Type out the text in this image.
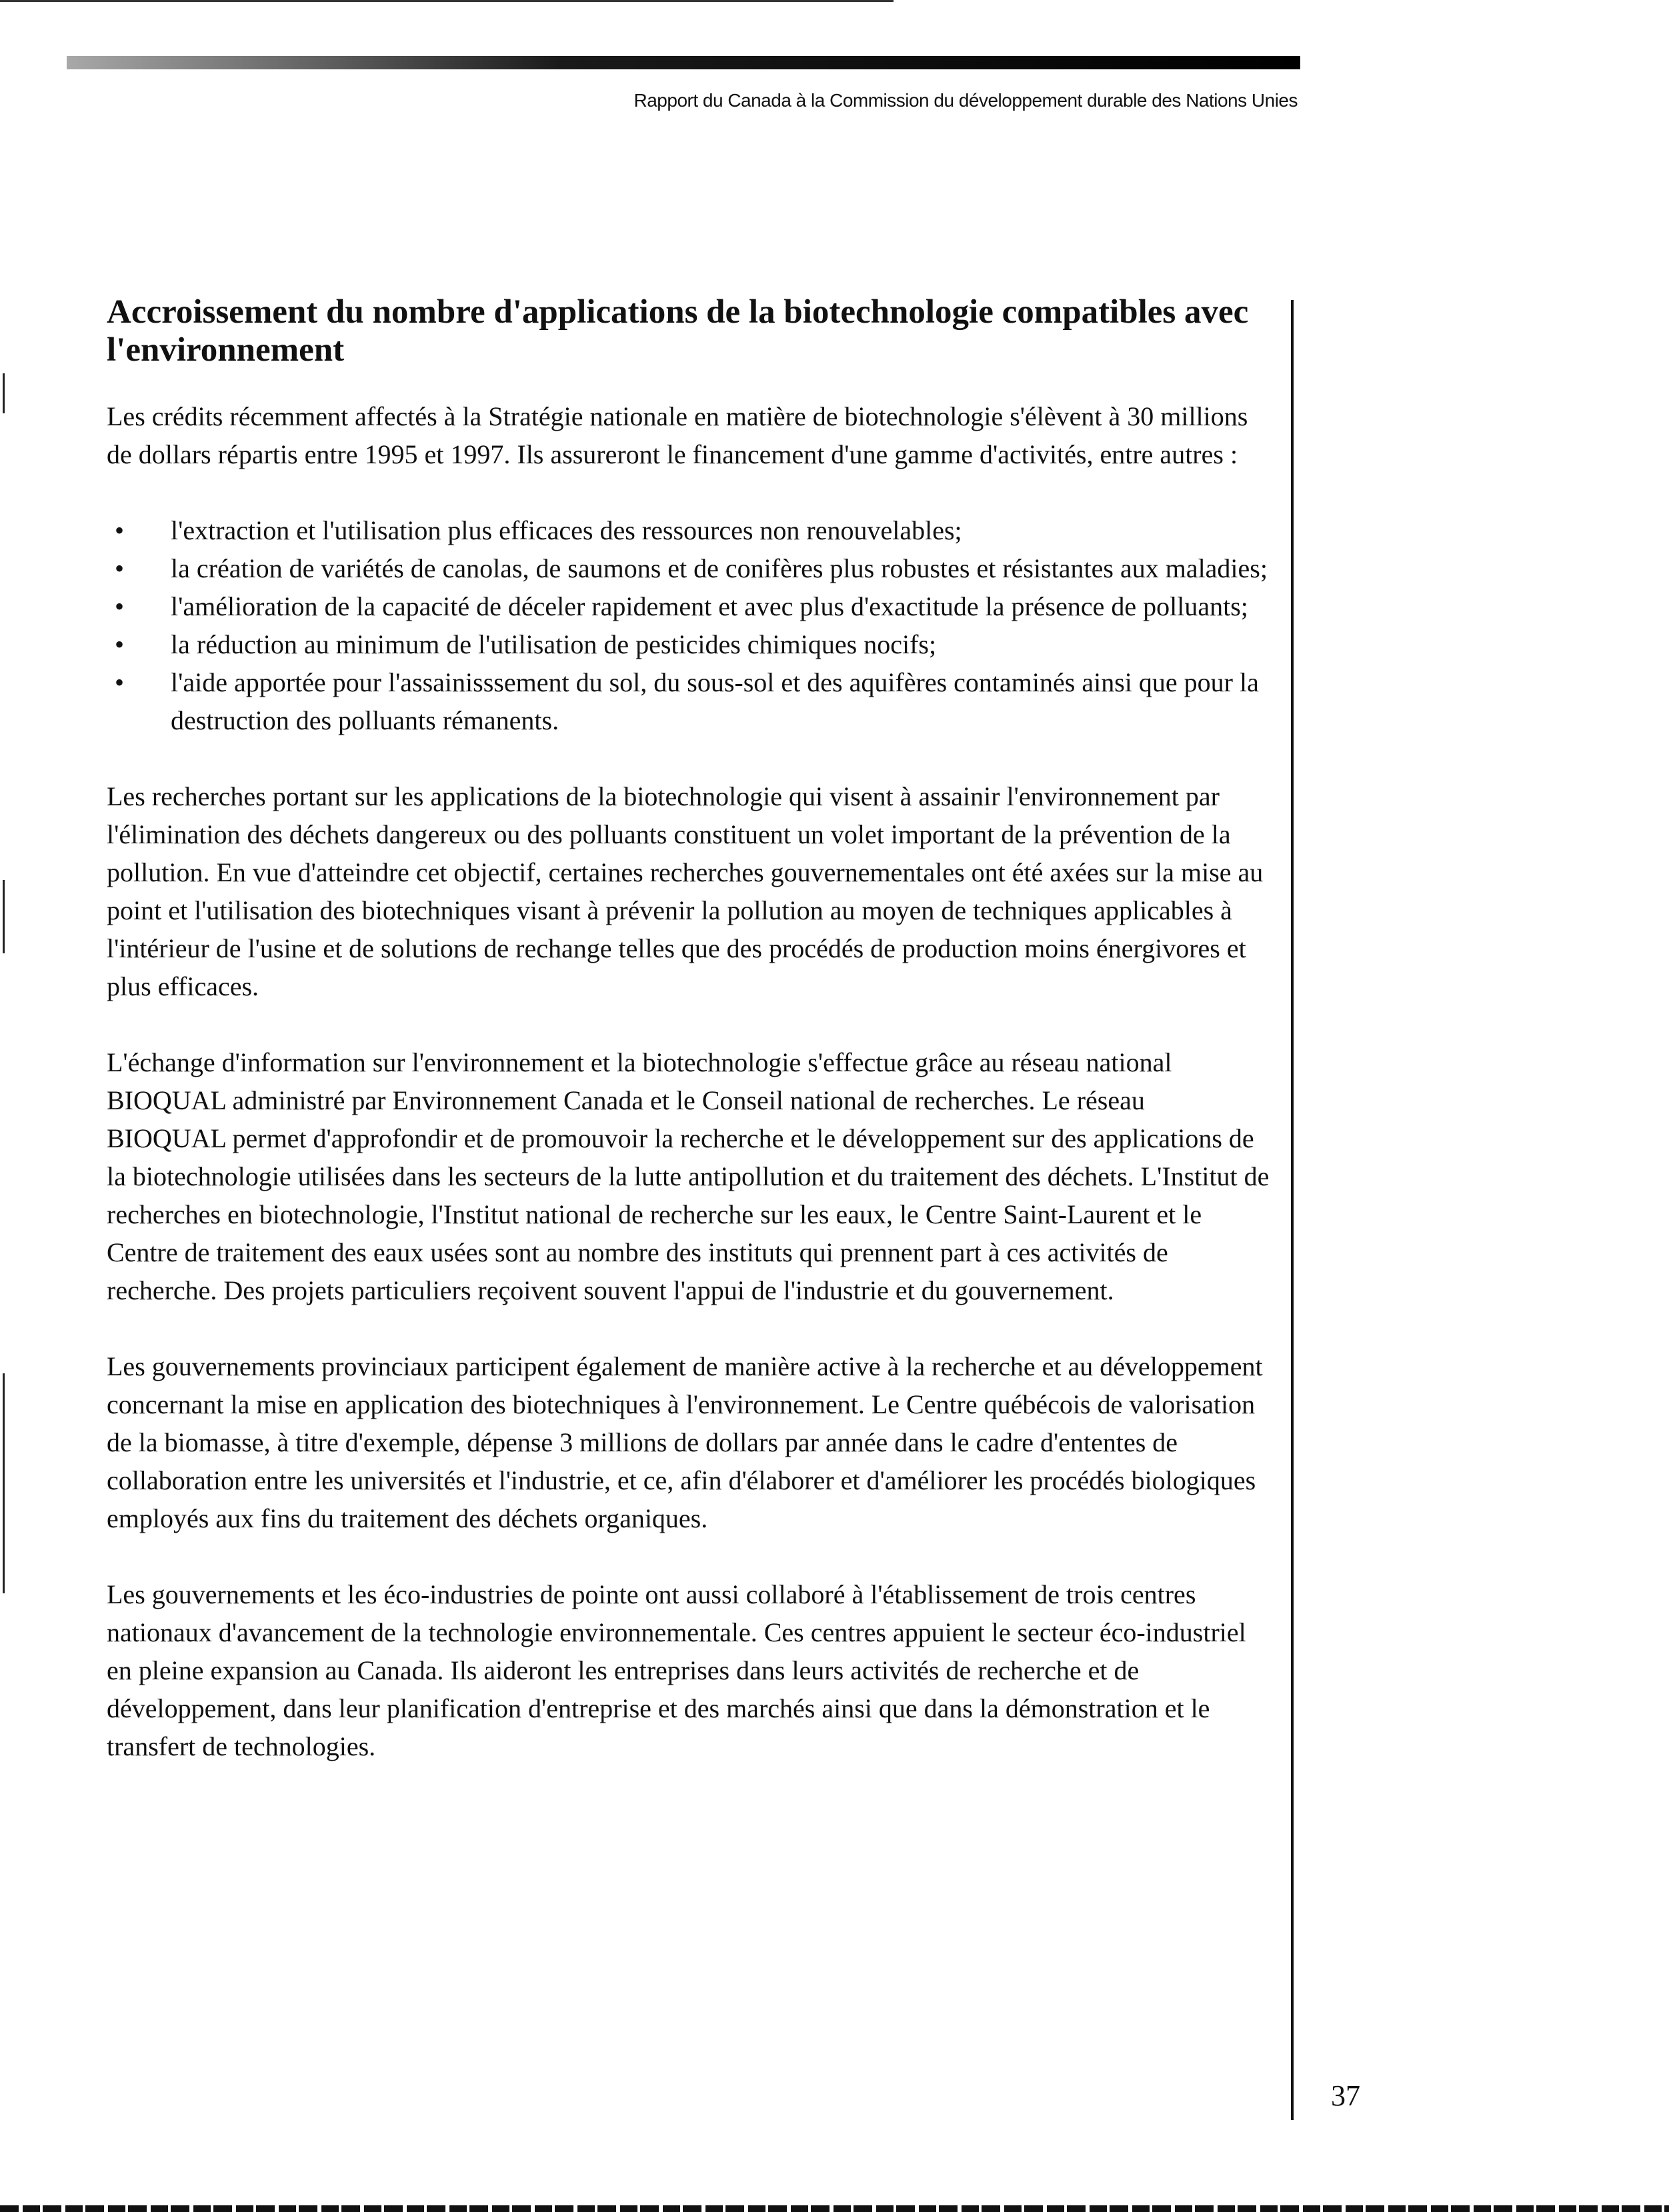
Rapport du Canada à la Commission du développement durable des Nations Unies
Accroissement du nombre d'applications de la biotechnologie compatibles avec l'environnement

Les crédits récemment affectés à la Stratégie nationale en matière de biotechnologie s'élèvent à 30 millions de dollars répartis entre 1995 et 1997. Ils assureront le financement d'une gamme d'activités, entre autres :

• l'extraction et l'utilisation plus efficaces des ressources non renouvelables;
• la création de variétés de canolas, de saumons et de conifères plus robustes et résistantes aux maladies;
• l'amélioration de la capacité de déceler rapidement et avec plus d'exactitude la présence de polluants;
• la réduction au minimum de l'utilisation de pesticides chimiques nocifs;
• l'aide apportée pour l'assainisssement du sol, du sous-sol et des aquifères contaminés ainsi que pour la destruction des polluants rémanents.

Les recherches portant sur les applications de la biotechnologie qui visent à assainir l'environnement par l'élimination des déchets dangereux ou des polluants constituent un volet important de la prévention de la pollution. En vue d'atteindre cet objectif, certaines recherches gouvernementales ont été axées sur la mise au point et l'utilisation des biotechniques visant à prévenir la pollution au moyen de techniques applicables à l'intérieur de l'usine et de solutions de rechange telles que des procédés de production moins énergivores et plus efficaces.

L'échange d'information sur l'environnement et la biotechnologie s'effectue grâce au réseau national BIOQUAL administré par Environnement Canada et le Conseil national de recherches. Le réseau BIOQUAL permet d'approfondir et de promouvoir la recherche et le développement sur des applications de la biotechnologie utilisées dans les secteurs de la lutte antipollution et du traitement des déchets. L'Institut de recherches en biotechnologie, l'Institut national de recherche sur les eaux, le Centre Saint-Laurent et le Centre de traitement des eaux usées sont au nombre des instituts qui prennent part à ces activités de recherche. Des projets particuliers reçoivent souvent l'appui de l'industrie et du gouvernement.

Les gouvernements provinciaux participent également de manière active à la recherche et au développement concernant la mise en application des biotechniques à l'environnement. Le Centre québécois de valorisation de la biomasse, à titre d'exemple, dépense 3 millions de dollars par année dans le cadre d'ententes de collaboration entre les universités et l'industrie, et ce, afin d'élaborer et d'améliorer les procédés biologiques employés aux fins du traitement des déchets organiques.

Les gouvernements et les éco-industries de pointe ont aussi collaboré à l'établissement de trois centres nationaux d'avancement de la technologie environnementale. Ces centres appuient le secteur éco-industriel en pleine expansion au Canada. Ils aideront les entreprises dans leurs activités de recherche et de développement, dans leur planification d'entreprise et des marchés ainsi que dans la démonstration et le transfert de technologies.

37
